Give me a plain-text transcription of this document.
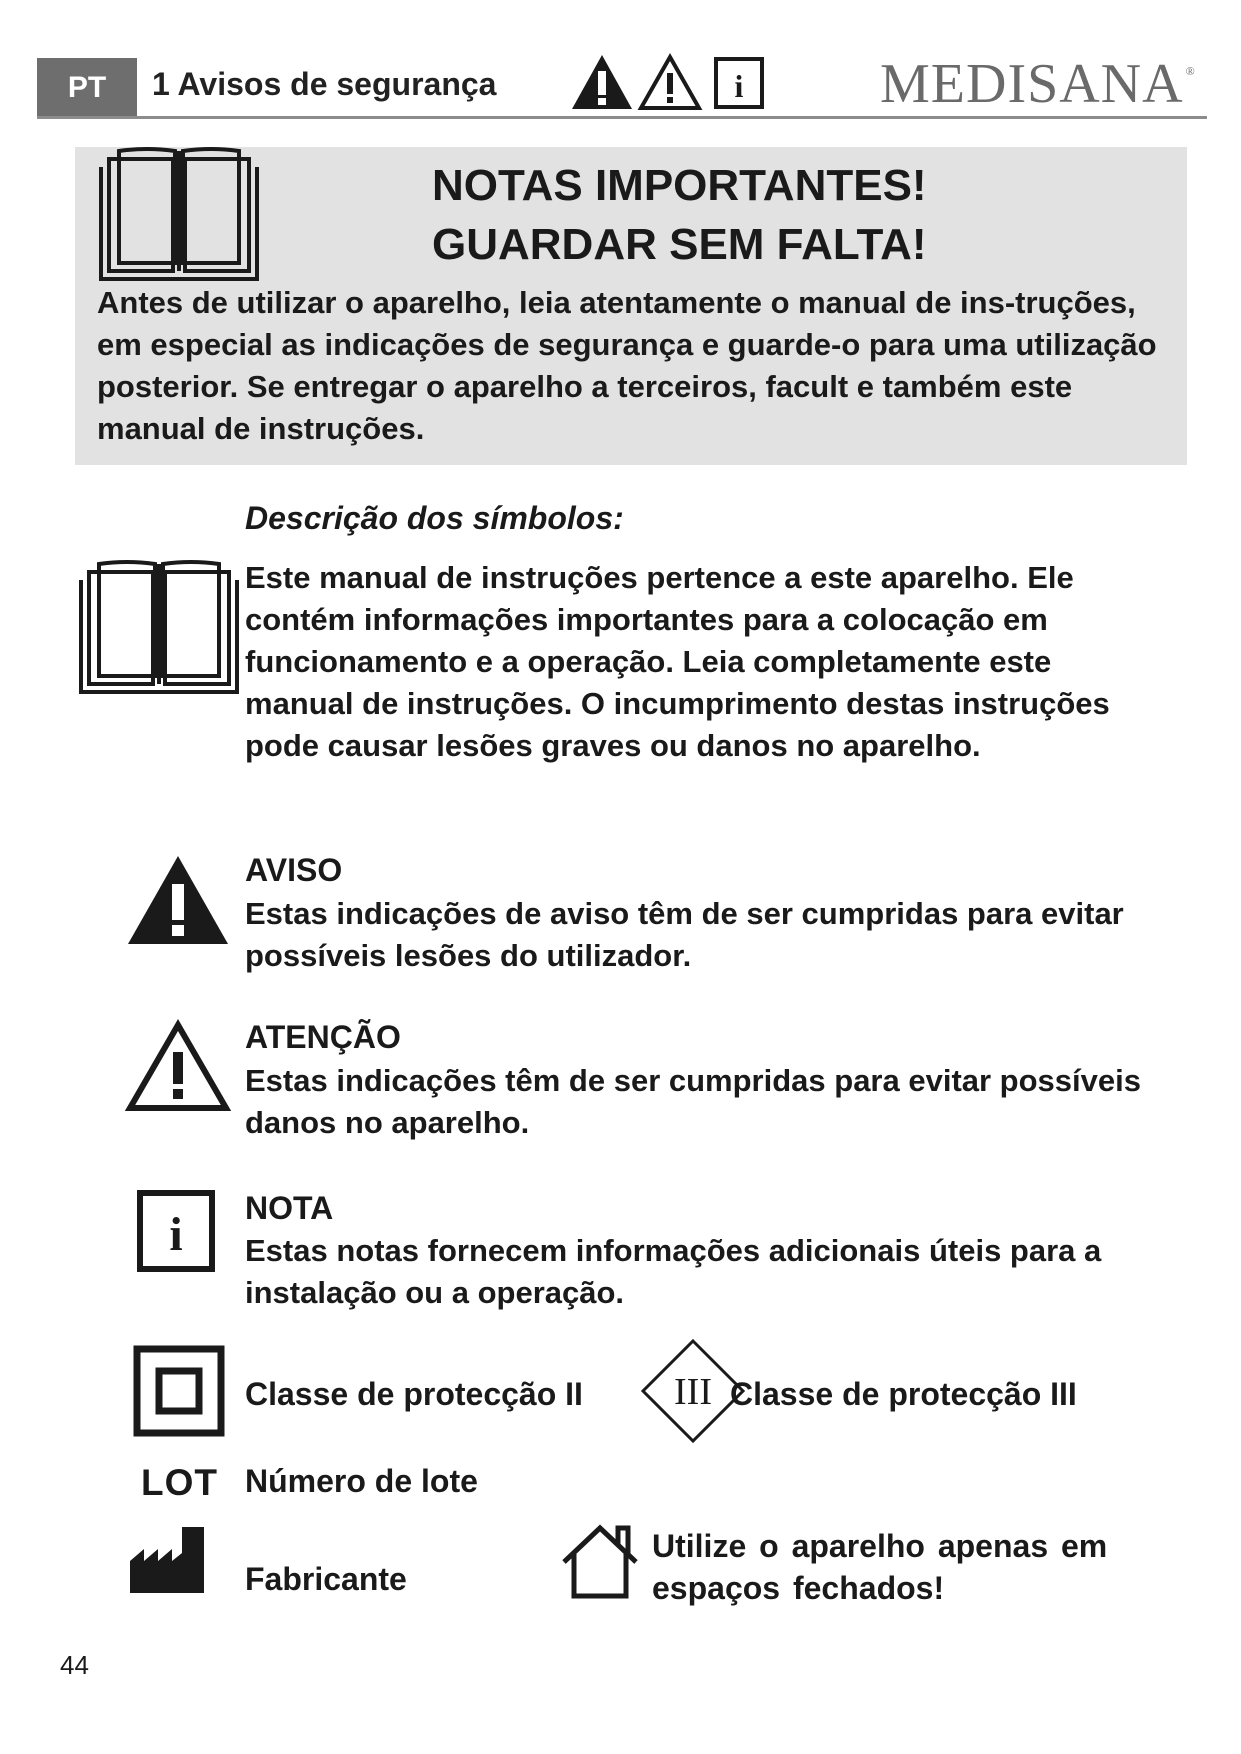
PT	1 Avisos de segurança	i MEDISANA ®
NOTAS IMPORTANTES!
GUARDAR SEM FALTA!
Antes de utilizar o aparelho, leia atentamente o manual de ins-truções, em especial as indicações de segurança e guarde-o para uma utilização posterior. Se entregar o aparelho a terceiros, facult e também este manual de instruções.
Descrição dos símbolos:
Este manual de instruções pertence a este aparelho. Ele contém informações importantes para a colocação em funcionamento e a operação. Leia completamente este manual de instruções. O incumprimento destas instruções pode causar lesões graves ou danos no aparelho.
AVISO
Estas indicações de aviso têm de ser cumpridas para evitar possíveis lesões do utilizador.
ATENÇÃO
Estas indicações têm de ser cumpridas para evitar possíveis danos no aparelho.
i NOTA
Estas notas fornecem informações adicionais úteis para a instalação ou a operação.
Classe de protecção II III Classe de protecção III
LOT Número de lote
Fabricante
Utilize o aparelho apenas em espaços fechados!
44
